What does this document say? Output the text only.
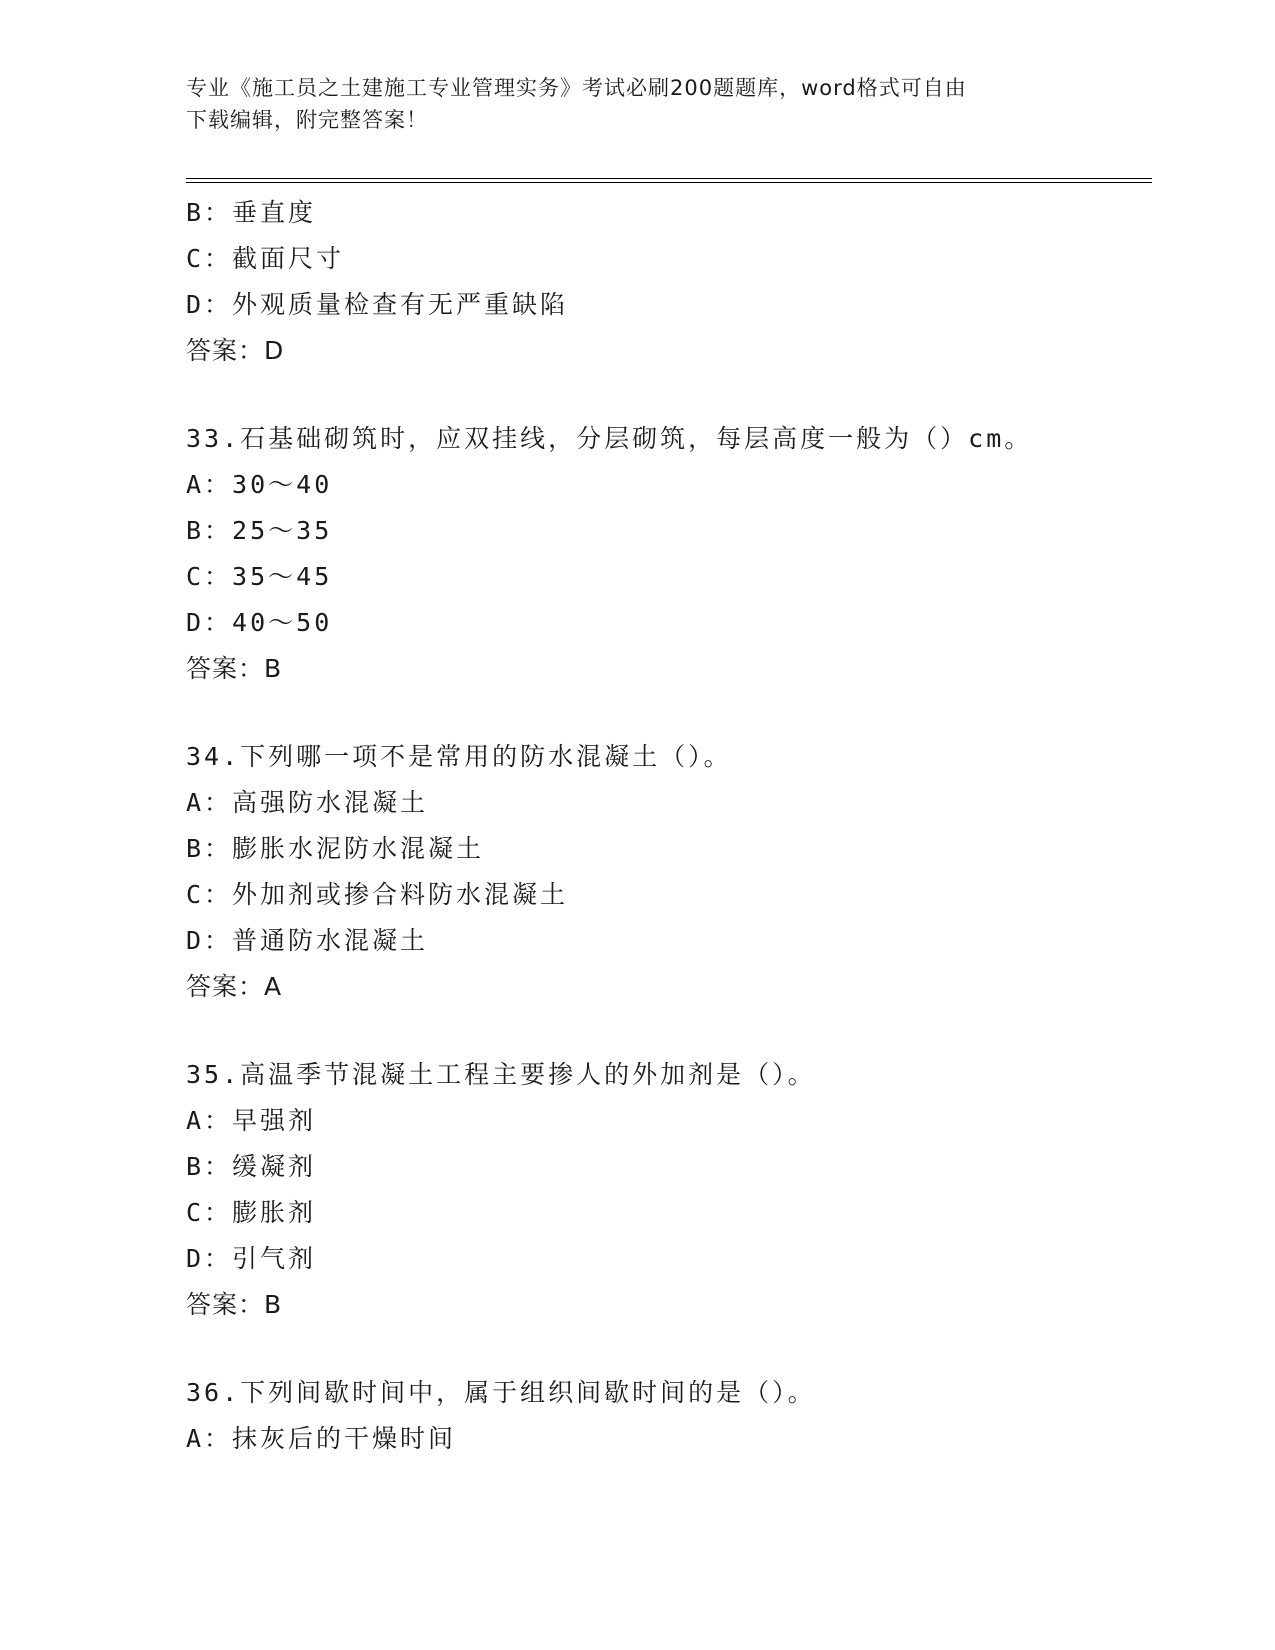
专业《施工员之土建施工专业管理实务》考试必刷200题题库，word格式可自由
下载编辑，附完整答案！
B：垂直度
C：截面尺寸
D：外观质量检查有无严重缺陷
答案：D
33.石基础砌筑时，应双挂线，分层砌筑，每层高度一般为（）cm。
A：30～40
B：25～35
C：35～45
D：40～50
答案：B
34.下列哪一项不是常用的防水混凝土（）。
A：高强防水混凝土
B：膨胀水泥防水混凝土
C：外加剂或掺合料防水混凝土
D：普通防水混凝土
答案：A
35.高温季节混凝土工程主要掺人的外加剂是（）。
A：早强剂
B：缓凝剂
C：膨胀剂
D：引气剂
答案：B
36.下列间歇时间中，属于组织间歇时间的是（）。
A：抹灰后的干燥时间
